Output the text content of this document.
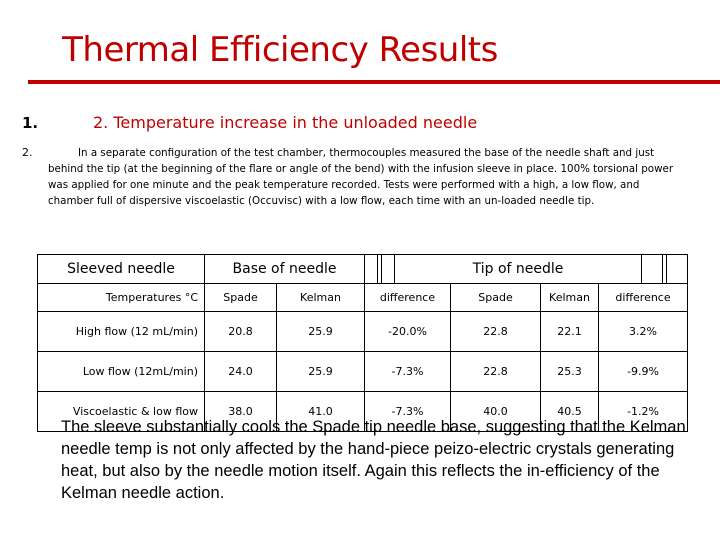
Thermal Efficiency Results
1.	2. Temperature increase in the unloaded needle
2.	In a separate configuration of the test chamber, thermocouples measured the base of the needle shaft and just behind the tip (at the beginning of the flare or angle of the bend) with the infusion sleeve in place. 100% torsional power was applied for one minute and the peak temperature recorded. Tests were performed with a high, a low flow, and chamber full of dispersive viscoelastic (Occuvisc) with a low flow, each time with an un-loaded needle tip.
Sleeved needle	Base of needle			Tip of needle				

Temperatures °C	Spade	Kelman	difference		Spade	Kelman	difference	
High flow (12 mL/min)	20.8	25.9	-20.0%		22.8	22.1	3.2%	
Low flow (12mL/min)	24.0	25.9	-7.3%		22.8	25.3	-9.9%	
Viscoelastic & low flow	38.0	41.0	-7.3%		40.0	40.5	-1.2%	
The sleeve substantially cools the Spade tip needle base, suggesting that the Kelman needle temp is not only affected by the hand-piece peizo-electric crystals generating heat, but also by the needle motion itself. Again this reflects the in-efficiency of the Kelman needle action.
